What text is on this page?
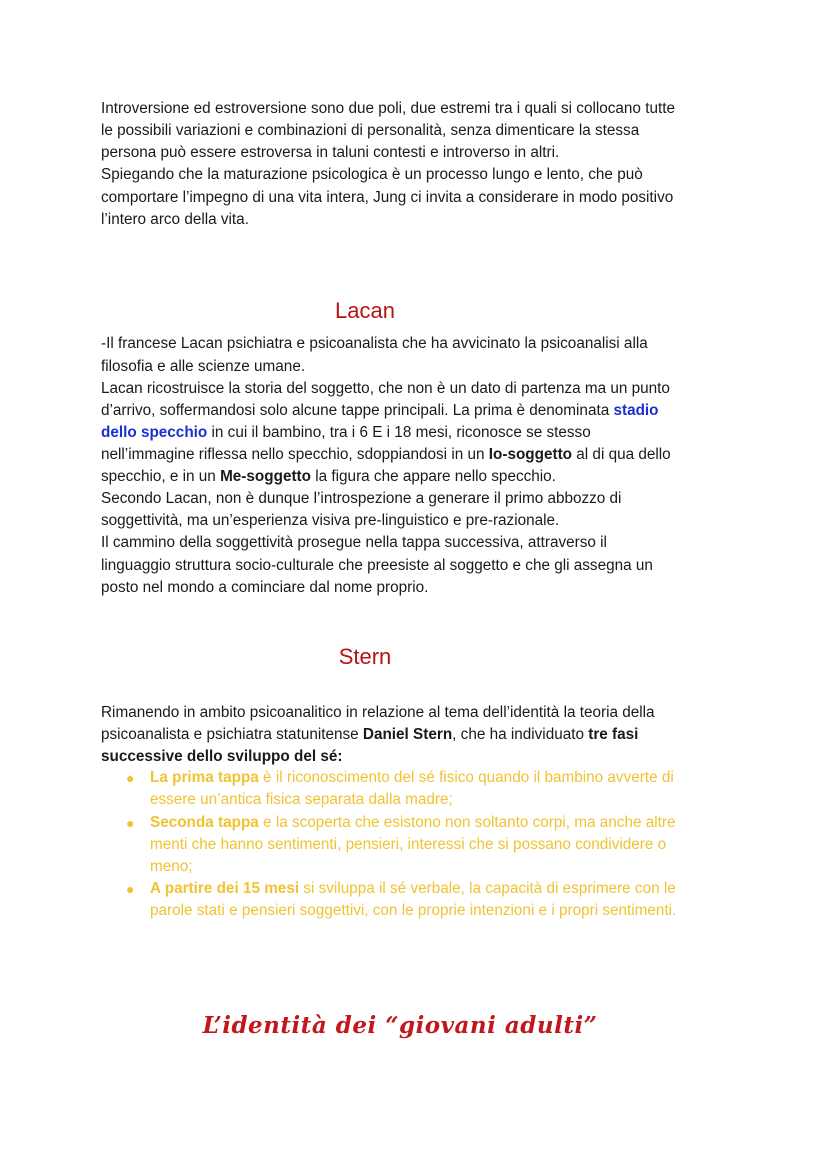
Introversione ed estroversione sono due poli, due estremi tra i quali si collocano tutte
le possibili variazioni e combinazioni di personalità, senza dimenticare la stessa
persona può essere estroversa in taluni contesti e introverso in altri.
Spiegando che la maturazione psicologica è un processo lungo e lento, che può
comportare l’impegno di una vita intera, Jung ci invita a considerare in modo positivo
l’intero arco della vita.
Lacan
-Il francese Lacan psichiatra e psicoanalista che ha avvicinato la psicoanalisi alla
filosofia e alle scienze umane.
Lacan ricostruisce la storia del soggetto, che non è un dato di partenza ma un punto
d’arrivo, soffermandosi solo alcune tappe principali. La prima è denominata stadio
dello specchio in cui il bambino, tra i 6 E i 18 mesi, riconosce se stesso
nell’immagine riflessa nello specchio, sdoppiandosi in un Io-soggetto al di qua dello
specchio, e in un Me-soggetto la figura che appare nello specchio.
Secondo Lacan, non è dunque l’introspezione a generare il primo abbozzo di
soggettività, ma un’esperienza visiva pre-linguistico e pre-razionale.
Il cammino della soggettività prosegue nella tappa successiva, attraverso il
linguaggio struttura socio-culturale che preesiste al soggetto e che gli assegna un
posto nel mondo a cominciare dal nome proprio.
Stern
Rimanendo in ambito psicoanalitico in relazione al tema dell’identità la teoria della
psicoanalista e psichiatra statunitense Daniel Stern, che ha individuato tre fasi
successive dello sviluppo del sé:
La prima tappa è il riconoscimento del sé fisico quando il bambino avverte di
essere un’antica fisica separata dalla madre;
Seconda tappa e la scoperta che esistono non soltanto corpi, ma anche altre
menti che hanno sentimenti, pensieri, interessi che si possano condividere o
meno;
A partire dei 15 mesi si sviluppa il sé verbale, la capacità di esprimere con le
parole stati e pensieri soggettivi, con le proprie intenzioni e i propri sentimenti.
●
●
●
L’identità dei “giovani adulti”
